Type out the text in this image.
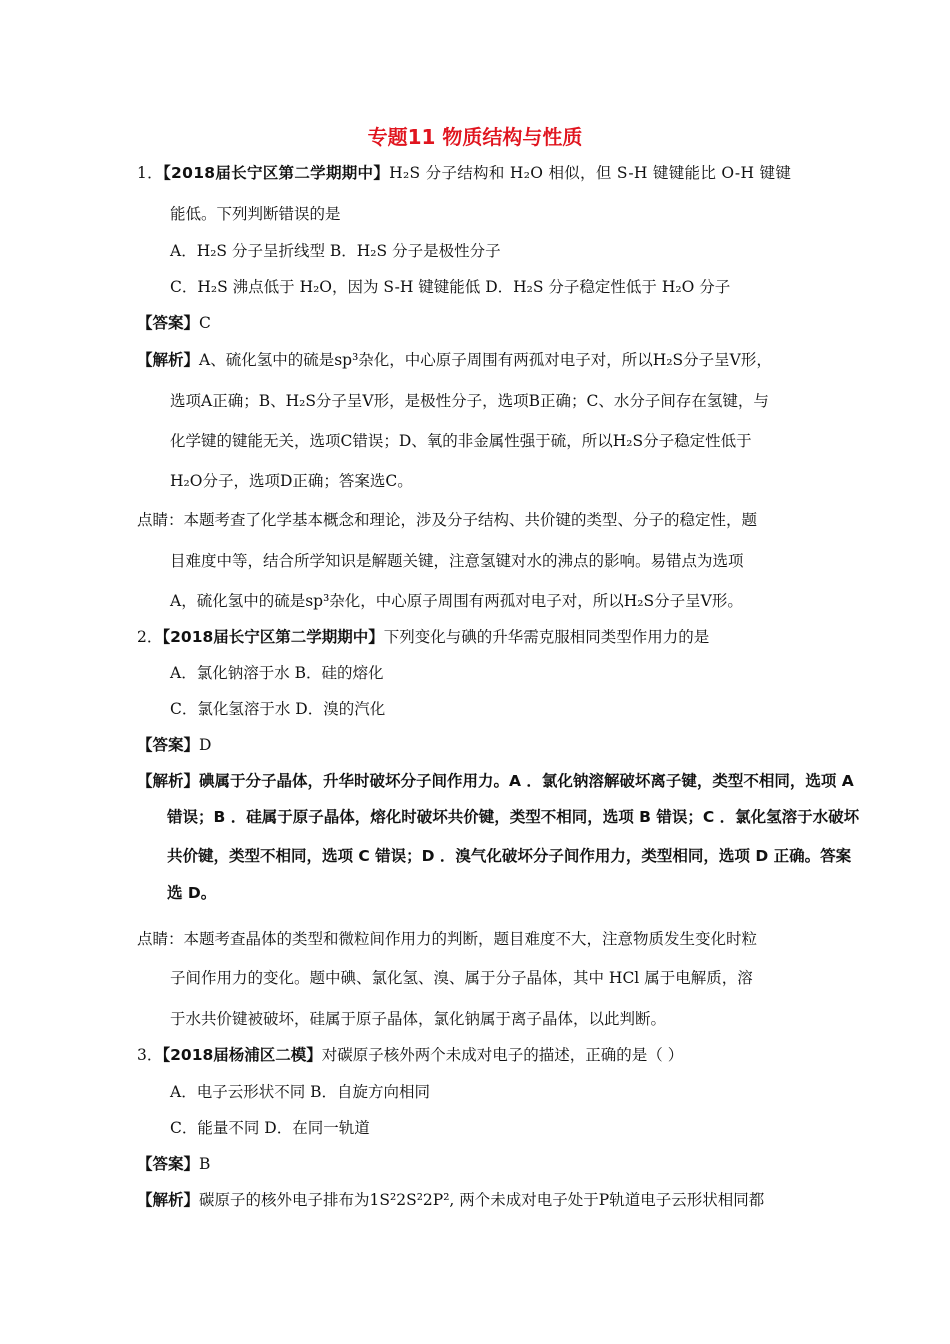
专题11 物质结构与性质
1．【2018届长宁区第二学期期中】H₂S 分子结构和 H₂O 相似，但 S-H 键键能比 O-H 键键
能低。下列判断错误的是
A．H₂S 分子呈折线型 B．H₂S 分子是极性分子
C．H₂S 沸点低于 H₂O，因为 S-H 键键能低 D．H₂S 分子稳定性低于 H₂O 分子
【答案】C
【解析】A、硫化氢中的硫是sp³杂化，中心原子周围有两孤对电子对，所以H₂S分子呈V形，
选项A正确；B、H₂S分子呈V形，是极性分子，选项B正确；C、水分子间存在氢键，与
化学键的键能无关，选项C错误；D、氧的非金属性强于硫，所以H₂S分子稳定性低于
H₂O分子，选项D正确；答案选C。
点睛：本题考查了化学基本概念和理论，涉及分子结构、共价键的类型、分子的稳定性，题
目难度中等，结合所学知识是解题关键，注意氢键对水的沸点的影响。易错点为选项
A，硫化氢中的硫是sp³杂化，中心原子周围有两孤对电子对，所以H₂S分子呈V形。
2．【2018届长宁区第二学期期中】下列变化与碘的升华需克服相同类型作用力的是
A．氯化钠溶于水 B．硅的熔化
C．氯化氢溶于水 D．溴的汽化
【答案】D
【解析】碘属于分子晶体，升华时破坏分子间作用力。A ．氯化钠溶解破坏离子键，类型不相同，选项 A
错误；B ．硅属于原子晶体，熔化时破坏共价键，类型不相同，选项 B 错误；C ．氯化氢溶于水破坏
共价键，类型不相同，选项 C 错误；D ．溴气化破坏分子间作用力，类型相同，选项 D 正确。答案
选 D。
点睛：本题考查晶体的类型和微粒间作用力的判断，题目难度不大，注意物质发生变化时粒
子间作用力的变化。题中碘、氯化氢、溴、属于分子晶体，其中 HCl 属于电解质，溶
于水共价键被破坏，硅属于原子晶体，氯化钠属于离子晶体，以此判断。
3．【2018届杨浦区二模】对碳原子核外两个未成对电子的描述，正确的是（ ）
A．电子云形状不同 B．自旋方向相同
C．能量不同 D．在同一轨道
【答案】B
【解析】碳原子的核外电子排布为1S²2S²2P², 两个未成对电子处于P轨道电子云形状相同都
